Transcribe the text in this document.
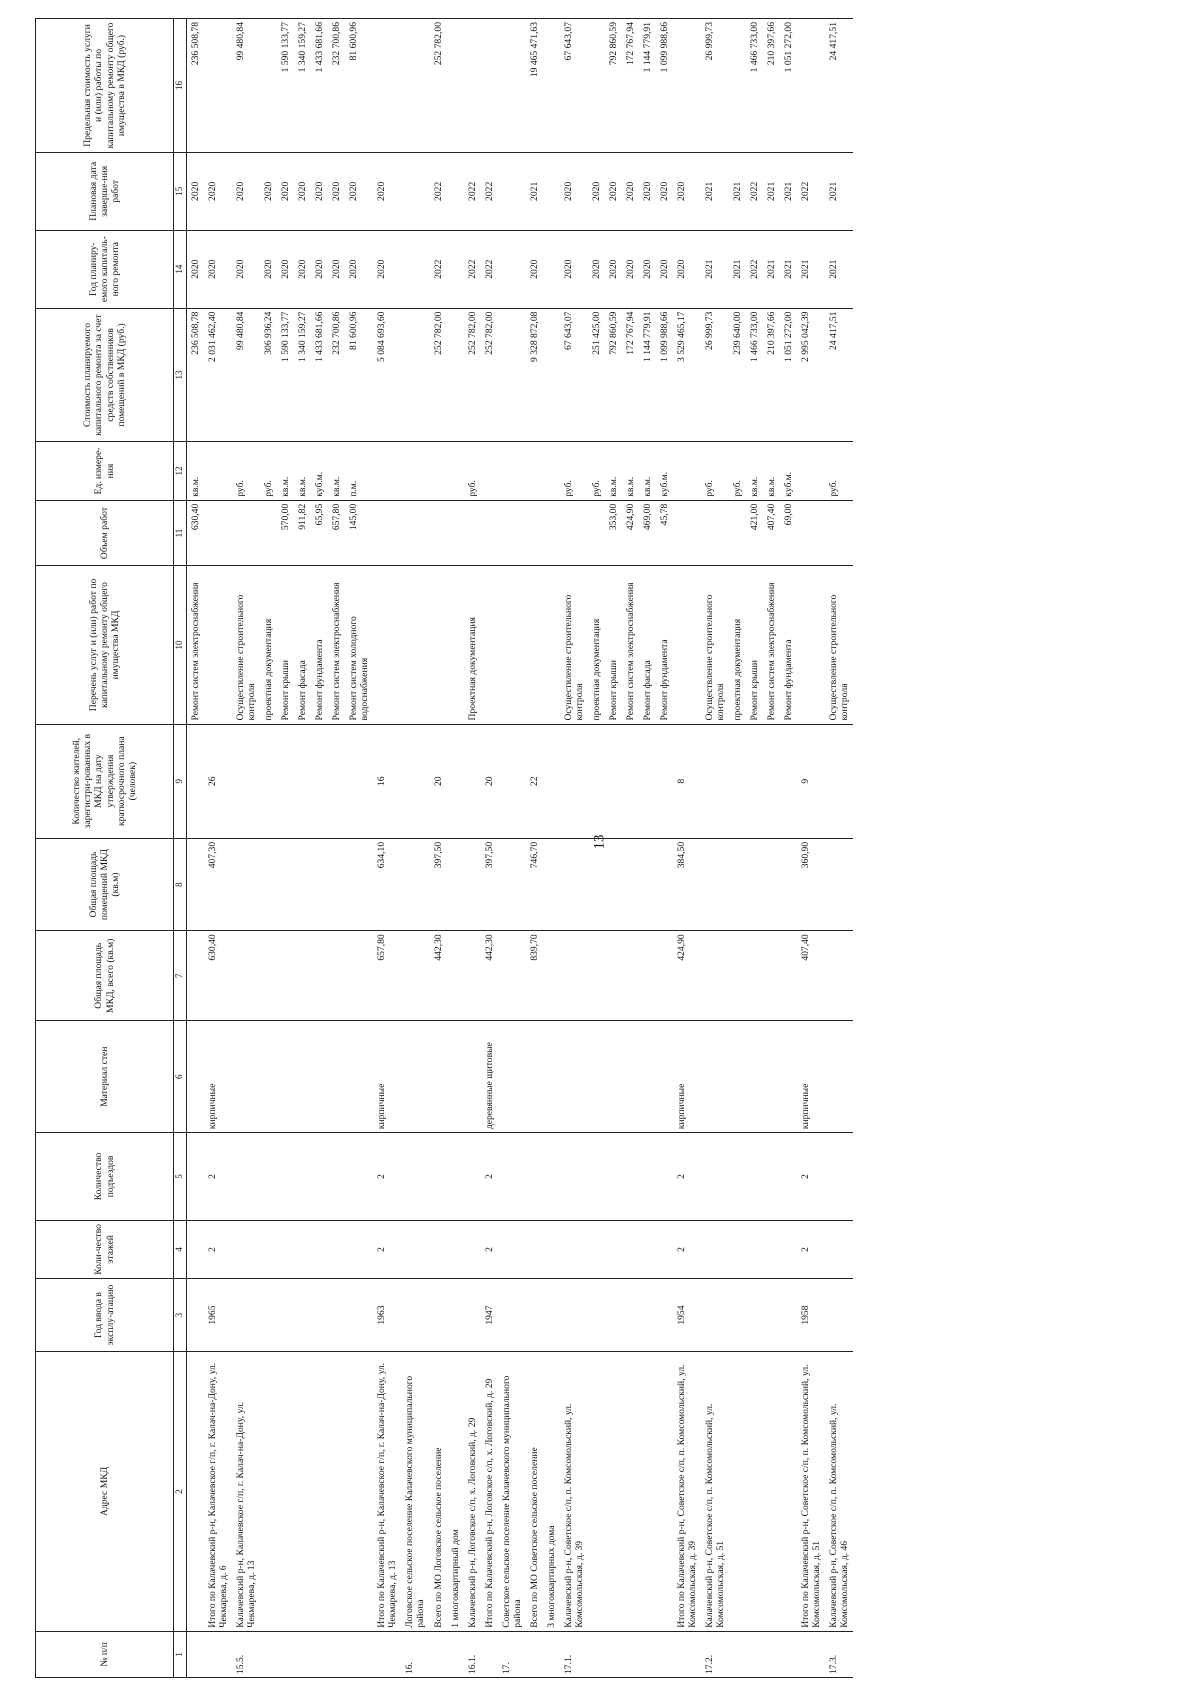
13
№ п/п	Адрес МКД	Год ввода в эксплу-атацию	Коли-чество этажей	Количество подъездов	Материал стен	Общая площадь МКД, всего (кв.м)	Общая площадь помещений МКД (кв.м)	Количество жителей, зарегистри-рованных в МКД на дату утверждения краткосрочного плана (человек)	Перечень услуг и (или) работ по капитальному ремонту общего имущества МКД	Объем работ	Ед. измере-ния	Стоимость планируемого капитального ремонта за счет средств собственников помещений в МКД (руб.)	Год планиру-емого капиталь-ного ремонта	Плановая дата заверше-ния работ	Предельная стоимость услуги и (или) работы по капитальному ремонту общего имущества в МКД (руб.)
1	2	3	4	5	6	7	8	9	10	11	12	13	14	15	16
									Ремонт систем электроснабжения	630,40	кв.м.	236 508,78	2020	2020	236 508,78
	Итого по Калачевский р-н, Калачевское г/п, г. Калач-на-Дону, ул. Чекмарева, д. 6	1965	2	2	кирпичные	630,40	407,30	26				2 031 462,40	2020	2020	
15.5.	Калачевский р-н, Калачевское г/п, г. Калач-на-Дону, ул. Чекмарева, д. 13								Осуществление строительного контроля		руб.	99 480,84	2020	2020	99 480,84
									проектная документация		руб.	306 936,24	2020	2020	
									Ремонт крыши	570,00	кв.м.	1 590 133,77	2020	2020	1 590 133,77
									Ремонт фасада	911,82	кв.м.	1 340 159,27	2020	2020	1 340 159,27
									Ремонт фундамента	65,95	куб.м.	1 433 681,66	2020	2020	1 433 681,66
									Ремонт систем электроснабжения	657,80	кв.м.	232 700,86	2020	2020	232 700,86
									Ремонт систем холодного водоснабжения	145,00	п.м.	81 600,96	2020	2020	81 600,96
	Итого по Калачевский р-н, Калачевское г/п, г. Калач-на-Дону, ул. Чекмарева, д. 13	1963	2	2	кирпичные	657,80	634,10	16				5 084 693,60	2020	2020	
16.	Логовское сельское поселение Калачевского муниципального района														
	Всего по МО Логовское сельское поселение					442,30	397,50	20				252 782,00	2022	2022	252 782,00
	1 многоквартирный дом														
16.1.	Калачевский р-н, Логовское с/п, х. Логовский, д. 29								Проектная документация		руб.	252 782,00	2022	2022	
	Итого по Калачевский р-н, Логовское с/п, х. Логовский, д. 29	1947	2	2	деревянные щитовые	442,30	397,50	20				252 782,00	2022	2022	
17.	Советское сельское поселение Калачевского муниципального района														
	Всего по МО Советское сельское поселение					839,70	746,70	22				9 328 872,08	2020	2021	19 465 471,63
	3 многоквартирных дома														
17.1.	Калачевский р-н, Советское с/п, п. Комсомольский, ул. Комсомольская, д. 39								Осуществление строительного контроля		руб.	67 643,07	2020	2020	67 643,07
									проектная документация		руб.	251 425,00	2020	2020	
									Ремонт крыши	353,00	кв.м.	792 860,59	2020	2020	792 860,59
									Ремонт систем электроснабжения	424,90	кв.м.	172 767,94	2020	2020	172 767,94
									Ремонт фасада	469,00	кв.м.	1 144 779,91	2020	2020	1 144 779,91
									Ремонт фундамента	45,78	куб.м.	1 099 988,66	2020	2020	1 099 988,66
	Итого по Калачевский р-н, Советское с/п, п. Комсомольский, ул. Комсомольская, д. 39	1954	2	2	кирпичные	424,90	384,50	8				3 529 465,17	2020	2020	
17.2.	Калачевский р-н, Советское с/п, п. Комсомольский, ул. Комсомольская, д. 51								Осуществление строительного контроля		руб.	26 999,73	2021	2021	26 999,73
									проектная документация		руб.	239 640,00	2021	2021	
									Ремонт крыши	421,00	кв.м.	1 466 733,00	2022	2022	1 466 733,00
									Ремонт систем электроснабжения	407,40	кв.м.	210 397,66	2021	2021	210 397,66
									Ремонт фундамента	69,00	куб.м.	1 051 272,00	2021	2021	1 051 272,00
	Итого по Калачевский р-н, Советское с/п, п. Комсомольский, ул. Комсомольская, д. 51	1958	2	2	кирпичные	407,40	360,90	9				2 995 042,39	2021	2022	
17.3.	Калачевский р-н, Советское с/п, п. Комсомольский, ул. Комсомольская, д. 46								Осуществление строительного контроля		руб.	24 417,51	2021	2021	24 417,51
